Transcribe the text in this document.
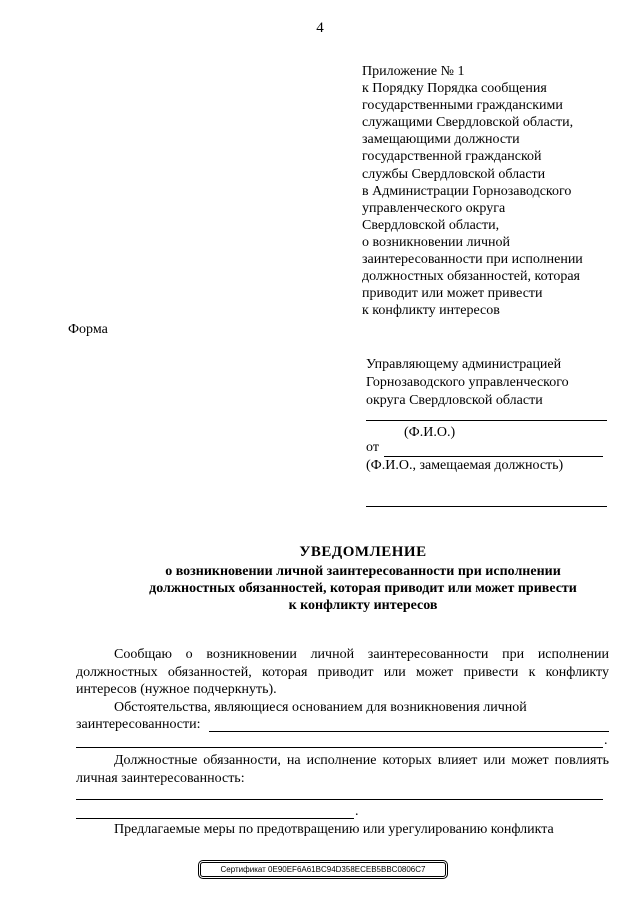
4
Приложение № 1
к Порядку Порядка сообщения
государственными гражданскими
служащими Свердловской области,
замещающими должности
государственной гражданской
службы Свердловской области
в Администрации Горнозаводского
управленческого округа
Свердловской области,
о возникновении личной
заинтересованности при исполнении
должностных обязанностей, которая
приводит или может привести
к конфликту интересов
Форма
Управляющему администрацией
Горнозаводского управленческого
округа Свердловской области
(Ф.И.О.)
от
(Ф.И.О., замещаемая должность)
УВЕДОМЛЕНИЕ
о возникновении личной заинтересованности при исполнении
должностных обязанностей, которая приводит или может привести
к конфликту интересов
Сообщаю о возникновении личной заинтересованности при исполнении должностных обязанностей, которая приводит или может привести к конфликту интересов (нужное подчеркнуть).
Обстоятельства, являющиеся основанием для возникновения личной
заинтересованности:
.
Должностные обязанности, на исполнение которых влияет или может повлиять личная заинтересованность:
.
Предлагаемые меры по предотвращению или урегулированию конфликта
Сертификат 0E90EF6A61BC94D358ECEB5BBC0806C7
